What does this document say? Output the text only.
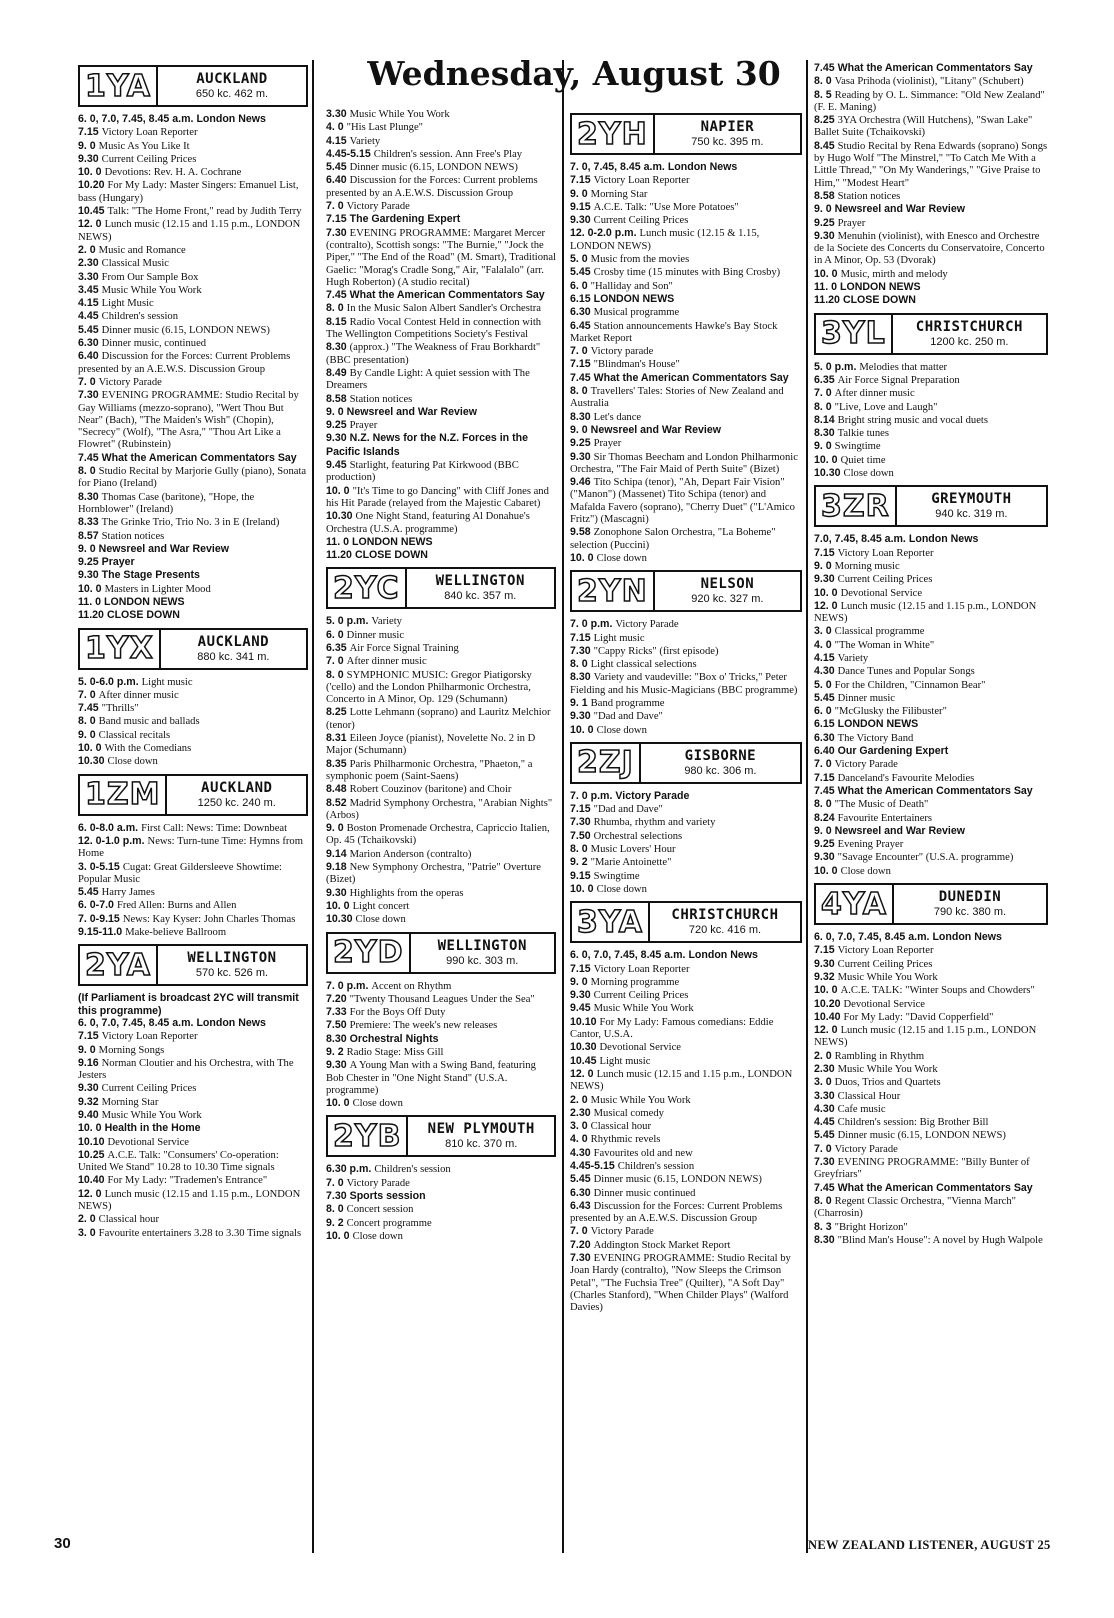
Wednesday, August 30
1YA	AUCKLAND
650 kc. 462 m.
6. 0, 7.0, 7.45, 8.45 a.m. London News
7.15 Victory Loan Reporter
9. 0 Music As You Like It
9.30 Current Ceiling Prices
10. 0 Devotions: Rev. H. A. Cochrane
10.20 For My Lady: Master Singers: Emanuel List, bass (Hungary)
10.45 Talk: "The Home Front," read by Judith Terry
12. 0 Lunch music (12.15 and 1.15 p.m., LONDON NEWS)
2. 0 Music and Romance
2.30 Classical Music
3.30 From Our Sample Box
3.45 Music While You Work
4.15 Light Music
4.45 Children's session
5.45 Dinner music (6.15, LONDON NEWS)
6.30 Dinner music, continued
6.40 Discussion for the Forces: Current Problems presented by an A.E.W.S. Discussion Group
7. 0 Victory Parade
7.30 EVENING PROGRAMME: Studio Recital by Gay Williams (mezzo-soprano), "Wert Thou But Near" (Bach), "The Maiden's Wish" (Chopin), "Secrecy" (Wolf), "The Asra," "Thou Art Like a Flowret" (Rubinstein)
7.45 What the American Commentators Say
8. 0 Studio Recital by Marjorie Gully (piano), Sonata for Piano (Ireland)
8.30 Thomas Case (baritone), "Hope, the Hornblower" (Ireland)
8.33 The Grinke Trio, Trio No. 3 in E (Ireland)
8.57 Station notices
9. 0 Newsreel and War Review
9.25 Prayer
9.30 The Stage Presents
10. 0 Masters in Lighter Mood
11. 0 LONDON NEWS
11.20 CLOSE DOWN
1YX	AUCKLAND
880 kc. 341 m.
5. 0-6.0 p.m. Light music
7. 0 After dinner music
7.45 "Thrills"
8. 0 Band music and ballads
9. 0 Classical recitals
10. 0 With the Comedians
10.30 Close down
1ZM	AUCKLAND
1250 kc. 240 m.
6. 0-8.0 a.m. First Call: News: Time: Downbeat
12. 0-1.0 p.m. News: Turn-tune Time: Hymns from Home
3. 0-5.15 Cugat: Great Gildersleeve Showtime: Popular Music
5.45 Harry James
6. 0-7.0 Fred Allen: Burns and Allen
7. 0-9.15 News: Kay Kyser: John Charles Thomas
9.15-11.0 Make-believe Ballroom
2YA	WELLINGTON
570 kc. 526 m.
(If Parliament is broadcast 2YC will transmit this programme)
6. 0, 7.0, 7.45, 8.45 a.m. London News
7.15 Victory Loan Reporter
9. 0 Morning Songs
9.16 Norman Cloutier and his Orchestra, with The Jesters
9.30 Current Ceiling Prices
9.32 Morning Star
9.40 Music While You Work
10. 0 Health in the Home
10.10 Devotional Service
10.25 A.C.E. Talk: "Consumers' Co-operation: United We Stand" 10.28 to 10.30 Time signals
10.40 For My Lady: "Trademen's Entrance"
12. 0 Lunch music (12.15 and 1.15 p.m., LONDON NEWS)
2. 0 Classical hour
3. 0 Favourite entertainers 3.28 to 3.30 Time signals
3.30 Music While You Work
4. 0 "His Last Plunge"
4.15 Variety
4.45-5.15 Children's session. Ann Free's Play
5.45 Dinner music (6.15, LONDON NEWS)
6.40 Discussion for the Forces: Current problems presented by an A.E.W.S. Discussion Group
7. 0 Victory Parade
7.15 The Gardening Expert
7.30 EVENING PROGRAMME: Margaret Mercer (contralto), Scottish songs: "The Burnie," "Jock the Piper," "The End of the Road" (M. Smart), Traditional Gaelic: "Morag's Cradle Song," Air, "Falalalo" (arr. Hugh Roberton) (A studio recital)
7.45 What the American Commentators Say
8. 0 In the Music Salon Albert Sandler's Orchestra
8.15 Radio Vocal Contest Held in connection with The Wellington Competitions Society's Festival
8.30 (approx.) "The Weakness of Frau Borkhardt" (BBC presentation)
8.49 By Candle Light: A quiet session with The Dreamers
8.58 Station notices
9. 0 Newsreel and War Review
9.25 Prayer
9.30 N.Z. News for the N.Z. Forces in the Pacific Islands
9.45 Starlight, featuring Pat Kirkwood (BBC production)
10. 0 "It's Time to go Dancing" with Cliff Jones and his Hit Parade (relayed from the Majestic Cabaret)
10.30 One Night Stand, featuring Al Donahue's Orchestra (U.S.A. programme)
11. 0 LONDON NEWS
11.20 CLOSE DOWN
2YC	WELLINGTON
840 kc. 357 m.
5. 0 p.m. Variety
6. 0 Dinner music
6.35 Air Force Signal Training
7. 0 After dinner music
8. 0 SYMPHONIC MUSIC: Gregor Piatigorsky ('cello) and the London Philharmonic Orchestra, Concerto in A Minor, Op. 129 (Schumann)
8.25 Lotte Lehmann (soprano) and Lauritz Melchior (tenor)
8.31 Eileen Joyce (pianist), Novelette No. 2 in D Major (Schumann)
8.35 Paris Philharmonic Orchestra, "Phaeton," a symphonic poem (Saint-Saens)
8.48 Robert Couzinov (baritone) and Choir
8.52 Madrid Symphony Orchestra, "Arabian Nights" (Arbos)
9. 0 Boston Promenade Orchestra, Capriccio Italien, Op. 45 (Tchaikovski)
9.14 Marion Anderson (contralto)
9.18 New Symphony Orchestra, "Patrie" Overture (Bizet)
9.30 Highlights from the operas
10. 0 Light concert
10.30 Close down
2YD	WELLINGTON
990 kc. 303 m.
7. 0 p.m. Accent on Rhythm
7.20 "Twenty Thousand Leagues Under the Sea"
7.33 For the Boys Off Duty
7.50 Premiere: The week's new releases
8.30 Orchestral Nights
9. 2 Radio Stage: Miss Gill
9.30 A Young Man with a Swing Band, featuring Bob Chester in "One Night Stand" (U.S.A. programme)
10. 0 Close down
2YB	NEW PLYMOUTH
810 kc. 370 m.
6.30 p.m. Children's session
7. 0 Victory Parade
7.30 Sports session
8. 0 Concert session
9. 2 Concert programme
10. 0 Close down
2YH	NAPIER
750 kc. 395 m.
7. 0, 7.45, 8.45 a.m. London News
7.15 Victory Loan Reporter
9. 0 Morning Star
9.15 A.C.E. Talk: "Use More Potatoes"
9.30 Current Ceiling Prices
12. 0-2.0 p.m. Lunch music (12.15 & 1.15, LONDON NEWS)
5. 0 Music from the movies
5.45 Crosby time (15 minutes with Bing Crosby)
6. 0 "Halliday and Son"
6.15 LONDON NEWS
6.30 Musical programme
6.45 Station announcements Hawke's Bay Stock Market Report
7. 0 Victory parade
7.15 "Blindman's House"
7.45 What the American Commentators Say
8. 0 Travellers' Tales: Stories of New Zealand and Australia
8.30 Let's dance
9. 0 Newsreel and War Review
9.25 Prayer
9.30 Sir Thomas Beecham and London Philharmonic Orchestra, "The Fair Maid of Perth Suite" (Bizet)
9.46 Tito Schipa (tenor), "Ah, Depart Fair Vision" ("Manon") (Massenet) Tito Schipa (tenor) and Mafalda Favero (soprano), "Cherry Duet" ("L'Amico Fritz") (Mascagni)
9.58 Zonophone Salon Orchestra, "La Boheme" selection (Puccini)
10. 0 Close down
2YN	NELSON
920 kc. 327 m.
7. 0 p.m. Victory Parade
7.15 Light music
7.30 "Cappy Ricks" (first episode)
8. 0 Light classical selections
8.30 Variety and vaudeville: "Box o' Tricks," Peter Fielding and his Music-Magicians (BBC programme)
9. 1 Band programme
9.30 "Dad and Dave"
10. 0 Close down
2ZJ	GISBORNE
980 kc. 306 m.
7. 0 p.m. Victory Parade
7.15 "Dad and Dave"
7.30 Rhumba, rhythm and variety
7.50 Orchestral selections
8. 0 Music Lovers' Hour
9. 2 "Marie Antoinette"
9.15 Swingtime
10. 0 Close down
3YA	CHRISTCHURCH
720 kc. 416 m.
6. 0, 7.0, 7.45, 8.45 a.m. London News
7.15 Victory Loan Reporter
9. 0 Morning programme
9.30 Current Ceiling Prices
9.45 Music While You Work
10.10 For My Lady: Famous comedians: Eddie Cantor, U.S.A.
10.30 Devotional Service
10.45 Light music
12. 0 Lunch music (12.15 and 1.15 p.m., LONDON NEWS)
2. 0 Music While You Work
2.30 Musical comedy
3. 0 Classical hour
4. 0 Rhythmic revels
4.30 Favourites old and new
4.45-5.15 Children's session
5.45 Dinner music (6.15, LONDON NEWS)
6.30 Dinner music continued
6.43 Discussion for the Forces: Current Problems presented by an A.E.W.S. Discussion Group
7. 0 Victory Parade
7.20 Addington Stock Market Report
7.30 EVENING PROGRAMME: Studio Recital by Joan Hardy (contralto), "Now Sleeps the Crimson Petal", "The Fuchsia Tree" (Quilter), "A Soft Day" (Charles Stanford), "When Childer Plays" (Walford Davies)
7.45 What the American Commentators Say
8. 0 Vasa Prihoda (violinist), "Litany" (Schubert)
8. 5 Reading by O. L. Simmance: "Old New Zealand" (F. E. Maning)
8.25 3YA Orchestra (Will Hutchens), "Swan Lake" Ballet Suite (Tchaikovski)
8.45 Studio Recital by Rena Edwards (soprano) Songs by Hugo Wolf "The Minstrel," "To Catch Me With a Little Thread," "On My Wanderings," "Give Praise to Him," "Modest Heart"
8.58 Station notices
9. 0 Newsreel and War Review
9.25 Prayer
9.30 Menuhin (violinist), with Enesco and Orchestre de la Societe des Concerts du Conservatoire, Concerto in A Minor, Op. 53 (Dvorak)
10. 0 Music, mirth and melody
11. 0 LONDON NEWS
11.20 CLOSE DOWN
3YL	CHRISTCHURCH
1200 kc. 250 m.
5. 0 p.m. Melodies that matter
6.35 Air Force Signal Preparation
7. 0 After dinner music
8. 0 "Live, Love and Laugh"
8.14 Bright string music and vocal duets
8.30 Talkie tunes
9. 0 Swingtime
10. 0 Quiet time
10.30 Close down
3ZR	GREYMOUTH
940 kc. 319 m.
7.0, 7.45, 8.45 a.m. London News
7.15 Victory Loan Reporter
9. 0 Morning music
9.30 Current Ceiling Prices
10. 0 Devotional Service
12. 0 Lunch music (12.15 and 1.15 p.m., LONDON NEWS)
3. 0 Classical programme
4. 0 "The Woman in White"
4.15 Variety
4.30 Dance Tunes and Popular Songs
5. 0 For the Children, "Cinnamon Bear"
5.45 Dinner music
6. 0 "McGlusky the Filibuster"
6.15 LONDON NEWS
6.30 The Victory Band
6.40 Our Gardening Expert
7. 0 Victory Parade
7.15 Danceland's Favourite Melodies
7.45 What the American Commentators Say
8. 0 "The Music of Death"
8.24 Favourite Entertainers
9. 0 Newsreel and War Review
9.25 Evening Prayer
9.30 "Savage Encounter" (U.S.A. programme)
10. 0 Close down
4YA	DUNEDIN
790 kc. 380 m.
6. 0, 7.0, 7.45, 8.45 a.m. London News
7.15 Victory Loan Reporter
9.30 Current Ceiling Prices
9.32 Music While You Work
10. 0 A.C.E. TALK: "Winter Soups and Chowders"
10.20 Devotional Service
10.40 For My Lady: "David Copperfield"
12. 0 Lunch music (12.15 and 1.15 p.m., LONDON NEWS)
2. 0 Rambling in Rhythm
2.30 Music While You Work
3. 0 Duos, Trios and Quartets
3.30 Classical Hour
4.30 Cafe music
4.45 Children's session: Big Brother Bill
5.45 Dinner music (6.15, LONDON NEWS)
7. 0 Victory Parade
7.30 EVENING PROGRAMME: "Billy Bunter of Greyfriars"
7.45 What the American Commentators Say
8. 0 Regent Classic Orchestra, "Vienna March" (Charrosin)
8. 3 "Bright Horizon"
8.30 "Blind Man's House": A novel by Hugh Walpole
30	NEW ZEALAND LISTENER, AUGUST 25
